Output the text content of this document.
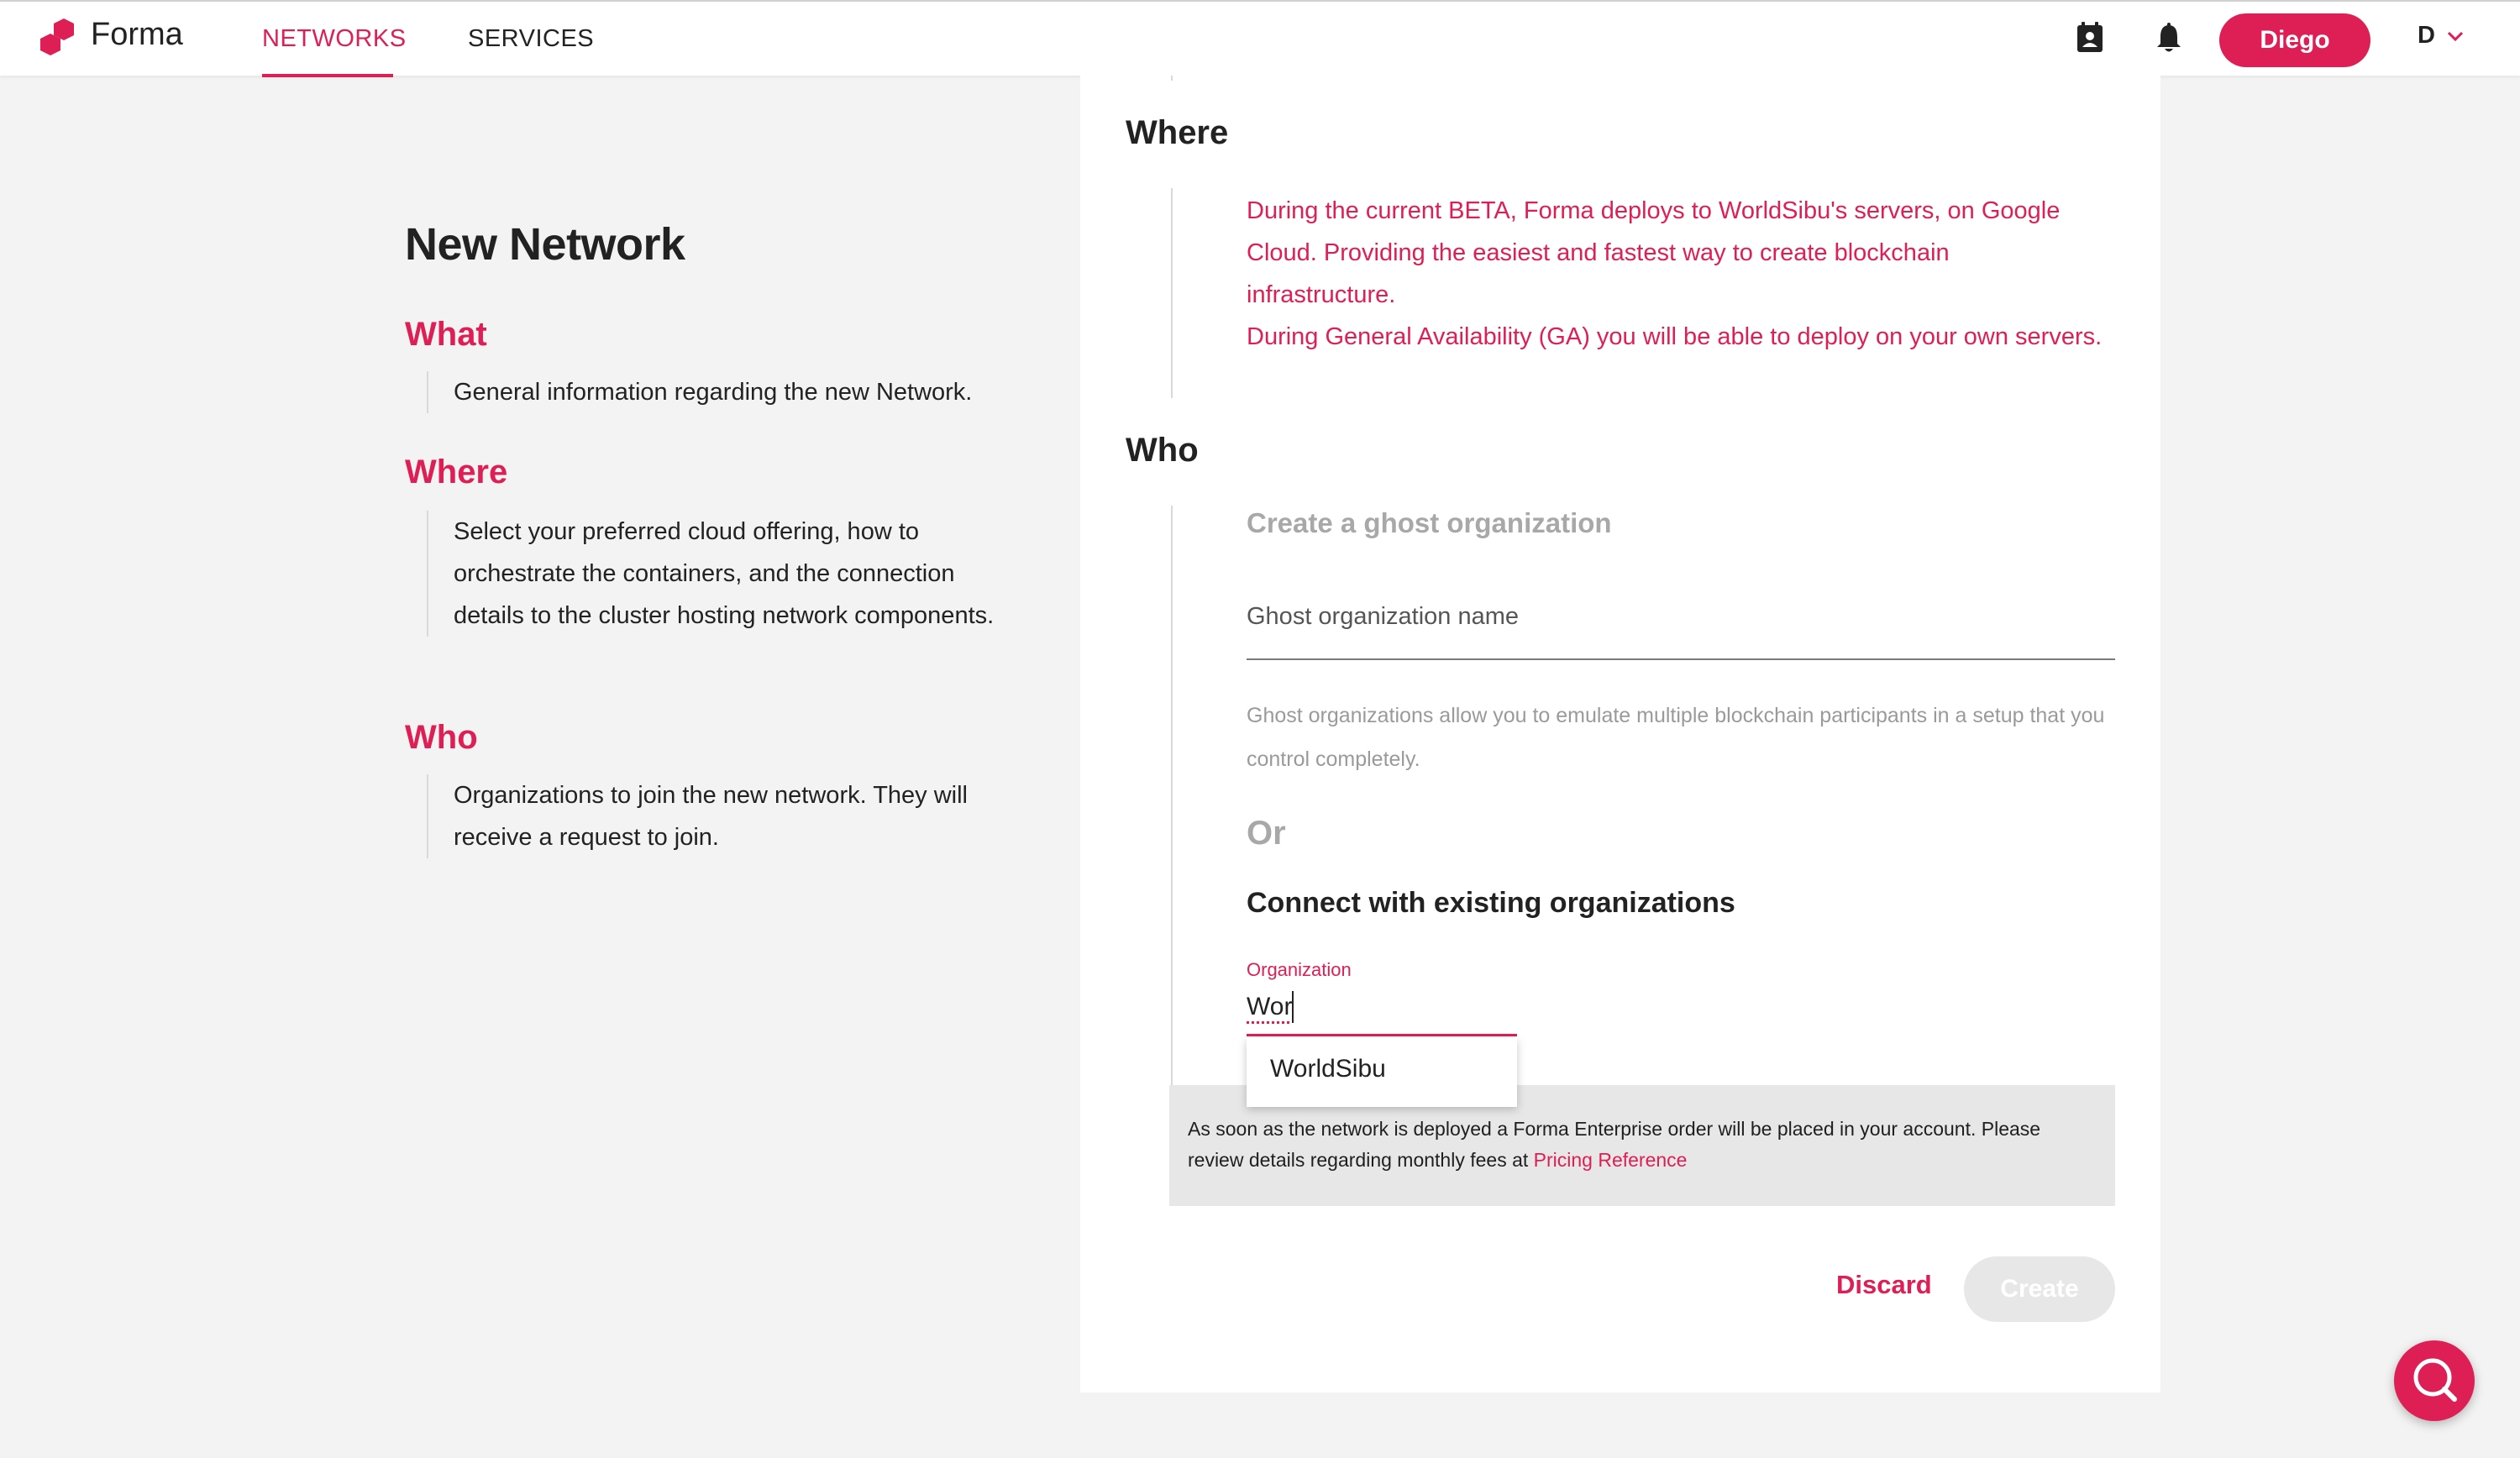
Forma	NETWORKS	SERVICES	Diego	D
New Network
What
General information regarding the new Network.
Where
Select your preferred cloud offering, how to orchestrate the containers, and the connection details to the cluster hosting network components.
Who
Organizations to join the new network. They will receive a request to join.
Where
During the current BETA, Forma deploys to WorldSibu's servers, on Google Cloud. Providing the easiest and fastest way to create blockchain infrastructure.
During General Availability (GA) you will be able to deploy on your own servers.
Who
Create a ghost organization
Ghost organization name
Ghost organizations allow you to emulate multiple blockchain participants in a setup that you control completely.
Or
Connect with existing organizations
Organization
Wor
As soon as the network is deployed a Forma Enterprise order will be placed in your account. Please review details regarding monthly fees at Pricing Reference
WorldSibu
Discard	Create
